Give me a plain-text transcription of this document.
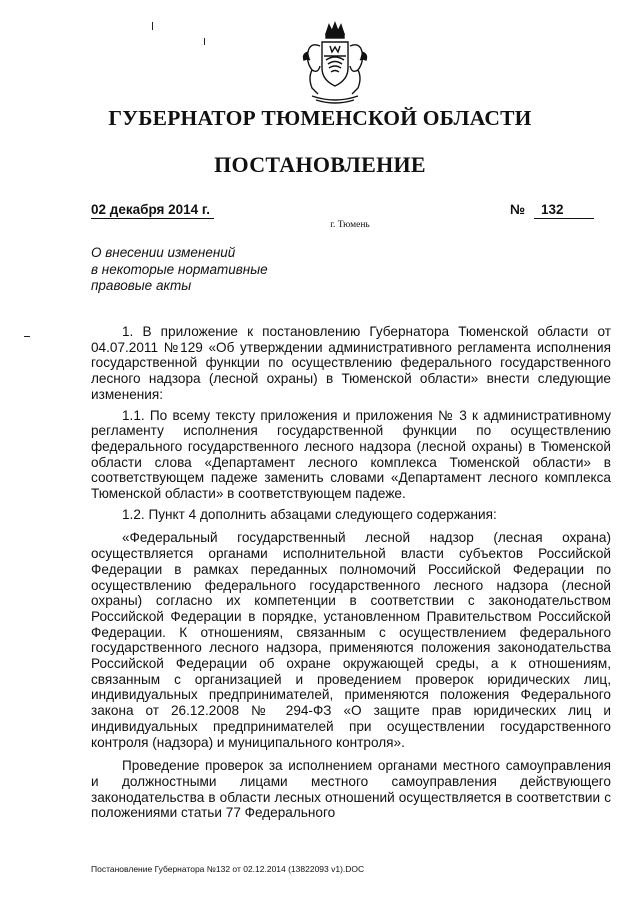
ГУБЕРНАТОР ТЮМЕНСКОЙ ОБЛАСТИ
ПОСТАНОВЛЕНИЕ
02 декабря 2014 г.	№	132
г. Тюмень
О внесении изменений
в некоторые нормативные
правовые акты

1. В приложение к постановлению Губернатора Тюменской области от 04.07.2011 №129 «Об утверждении административного регламента исполнения государственной функции по осуществлению федерального государственного лесного надзора (лесной охраны) в Тюменской области» внести следующие изменения:

1.1. По всему тексту приложения и приложения № 3 к административному регламенту исполнения государственной функции по осуществлению федерального государственного лесного надзора (лесной охраны) в Тюменской области слова «Департамент лесного комплекса Тюменской области» в соответствующем падеже заменить словами «Департамент лесного комплекса Тюменской области» в соответствующем падеже.

1.2. Пункт 4 дополнить абзацами следующего содержания:

«Федеральный государственный лесной надзор (лесная охрана) осуществляется органами исполнительной власти субъектов Российской Федерации в рамках переданных полномочий Российской Федерации по осуществлению федерального государственного лесного надзора (лесной охраны) согласно их компетенции в соответствии с законодательством Российской Федерации в порядке, установленном Правительством Российской Федерации. К отношениям, связанным с осуществлением федерального государственного лесного надзора, применяются положения законодательства Российской Федерации об охране окружающей среды, а к отношениям, связанным с организацией и проведением проверок юридических лиц, индивидуальных предпринимателей, применяются положения Федерального закона от 26.12.2008 № 294-ФЗ «О защите прав юридических лиц и индивидуальных предпринимателей при осуществлении государственного контроля (надзора) и муниципального контроля».

Проведение проверок за исполнением органами местного самоуправления и должностными лицами местного самоуправления действующего законодательства в области лесных отношений осуществляется в соответствии с положениями статьи 77 Федерального

Постановление Губернатора №132 от 02.12.2014 (13822093 v1).DOC
